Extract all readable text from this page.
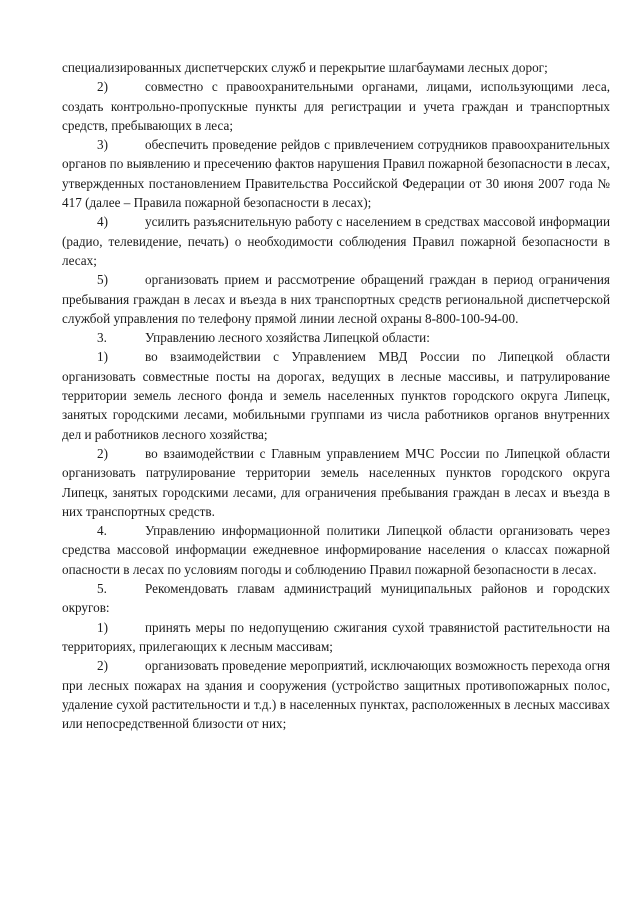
специализированных диспетчерских служб и перекрытие шлагбаумами лесных дорог;

2)	совместно с правоохранительными органами, лицами, использующими леса, создать контрольно-пропускные пункты для регистрации и учета граждан и транспортных средств, пребывающих в леса;

3)	обеспечить проведение рейдов с привлечением сотрудников правоохранительных органов по выявлению и пресечению фактов нарушения Правил пожарной безопасности в лесах, утвержденных постановлением Правительства Российской Федерации от 30 июня 2007 года № 417 (далее – Правила пожарной безопасности в лесах);

4)	усилить разъяснительную работу с населением в средствах массовой информации (радио, телевидение, печать) о необходимости соблюдения Правил пожарной безопасности в лесах;

5)	организовать прием и рассмотрение обращений граждан в период ограничения пребывания граждан в лесах и въезда в них транспортных средств региональной диспетчерской службой управления по телефону прямой линии лесной охраны 8-800-100-94-00.

3.	Управлению лесного хозяйства Липецкой области:

1)	во взаимодействии с Управлением МВД России по Липецкой области организовать совместные посты на дорогах, ведущих в лесные массивы, и патрулирование территории земель лесного фонда и земель населенных пунктов городского округа Липецк, занятых городскими лесами, мобильными группами из числа работников органов внутренних дел и работников лесного хозяйства;

2)	во взаимодействии с Главным управлением МЧС России по Липецкой области организовать патрулирование территории земель населенных пунктов городского округа Липецк, занятых городскими лесами, для ограничения пребывания граждан в лесах и въезда в них транспортных средств.

4.	Управлению информационной политики Липецкой области организовать через средства массовой информации ежедневное информирование населения о классах пожарной опасности в лесах по условиям погоды и соблюдению Правил пожарной безопасности в лесах.

5.	Рекомендовать главам администраций муниципальных районов и городских округов:

1)	принять меры по недопущению сжигания сухой травянистой растительности на территориях, прилегающих к лесным массивам;

2)	организовать проведение мероприятий, исключающих возможность перехода огня при лесных пожарах на здания и сооружения (устройство защитных противопожарных полос, удаление сухой растительности и т.д.) в населенных пунктах, расположенных в лесных массивах или непосредственной близости от них;
